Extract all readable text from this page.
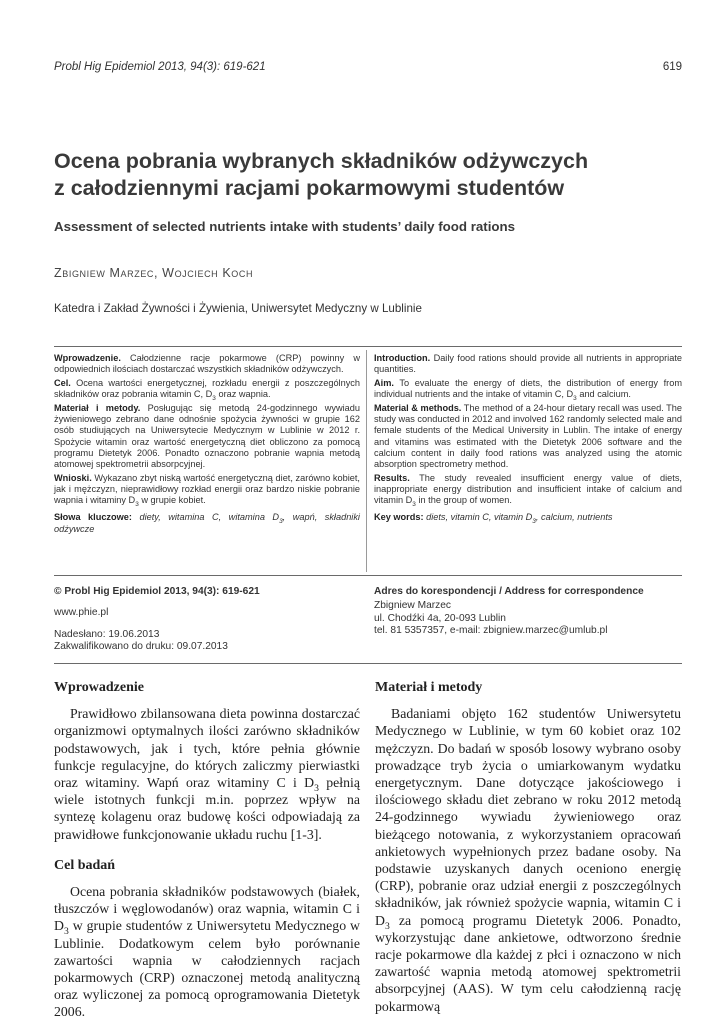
Probl Hig Epidemiol 2013, 94(3): 619-621	619
Ocena pobrania wybranych składników odżywczych
z całodziennymi racjami pokarmowymi studentów
Assessment of selected nutrients intake with students’ daily food rations
Zbigniew Marzec, Wojciech Koch
Katedra i Zakład Żywności i Żywienia, Uniwersytet Medyczny w Lublinie

Wprowadzenie. Całodzienne racje pokarmowe (CRP) powinny w odpowiednich ilościach dostarczać wszystkich składników odżywczych.

Cel. Ocena wartości energetycznej, rozkładu energii z poszczególnych składników oraz pobrania witamin C, $D_3$ oraz wapnia.

Materiał i metody. Posługując się metodą 24-godzinnego wywiadu żywieniowego zebrano dane odnośnie spożycia żywności w grupie 162 osób studiujących na Uniwersytecie Medycznym w Lublinie w 2012 r. Spożycie witamin oraz wartość energetyczną diet obliczono za pomocą programu Dietetyk 2006. Ponadto oznaczono pobranie wapnia metodą atomowej spektrometrii absorpcyjnej.

Wnioski. Wykazano zbyt niską wartość energetyczną diet, zarówno kobiet, jak i mężczyzn, nieprawidłowy rozkład energii oraz bardzo niskie pobranie wapnia i witaminy $D_3$ w grupie kobiet.

Słowa kluczowe: diety, witamina C, witamina $D_3$, wapń, składniki odżywcze

Introduction. Daily food rations should provide all nutrients in appropriate quantities.

Aim. To evaluate the energy of diets, the distribution of energy from individual nutrients and the intake of vitamin C, $D_3$ and calcium.

Material & methods. The method of a 24-hour dietary recall was used. The study was conducted in 2012 and involved 162 randomly selected male and female students of the Medical University in Lublin. The intake of energy and vitamins was estimated with the Dietetyk 2006 software and the calcium content in daily food rations was analyzed using the atomic absorption spectrometry method.

Results. The study revealed insufficient energy value of diets, inappropriate energy distribution and insufficient intake of calcium and vitamin $D_3$ in the group of women.

Key words: diets, vitamin C, vitamin $D_3$, calcium, nutrients

© Probl Hig Epidemiol 2013, 94(3): 619-621

www.phie.pl

Nadesłano: 19.06.2013

Zakwalifikowano do druku: 09.07.2013

Adres do korespondencji / Address for correspondence

Zbigniew Marzec

ul. Chodźki 4a, 20-093 Lublin

tel. 81 5357357, e-mail: zbigniew.marzec@umlub.pl

Wprowadzenie

Prawidłowo zbilansowana dieta powinna dostarczać organizmowi optymalnych ilości zarówno składników podstawowych, jak i tych, które pełnia głównie funkcje regulacyjne, do których zaliczmy pierwiastki oraz witaminy. Wapń oraz witaminy C i $D_3$ pełnią wiele istotnych funkcji m.in. poprzez wpływ na syntezę kolagenu oraz budowę kości odpowiadają za prawidłowe funkcjonowanie układu ruchu [1-3].

Cel badań

Ocena pobrania składników podstawowych (białek, tłuszczów i węglowodanów) oraz wapnia, witamin C i $D_3$ w grupie studentów z Uniwersytetu Medycznego w Lublinie. Dodatkowym celem było porównanie zawartości wapnia w całodziennych racjach pokarmowych (CRP) oznaczonej metodą analityczną oraz wyliczonej za pomocą oprogramowania Dietetyk 2006.

Materiał i metody

Badaniami objęto 162 studentów Uniwersytetu Medycznego w Lublinie, w tym 60 kobiet oraz 102 mężczyzn. Do badań w sposób losowy wybrano osoby prowadzące tryb życia o umiarkowanym wydatku energetycznym. Dane dotyczące jakościowego i ilościowego składu diet zebrano w roku 2012 metodą 24-godzinnego wywiadu żywieniowego oraz bieżącego notowania, z wykorzystaniem opracowań ankietowych wypełnionych przez badane osoby. Na podstawie uzyskanych danych oceniono energię (CRP), pobranie oraz udział energii z poszczególnych składników, jak również spożycie wapnia, witamin C i $D_3$ za pomocą programu Dietetyk 2006. Ponadto, wykorzystując dane ankietowe, odtworzono średnie racje pokarmowe dla każdej z płci i oznaczono w nich zawartość wapnia metodą atomowej spektrometrii absorpcyjnej (AAS). W tym celu całodzienną rację pokarmową
